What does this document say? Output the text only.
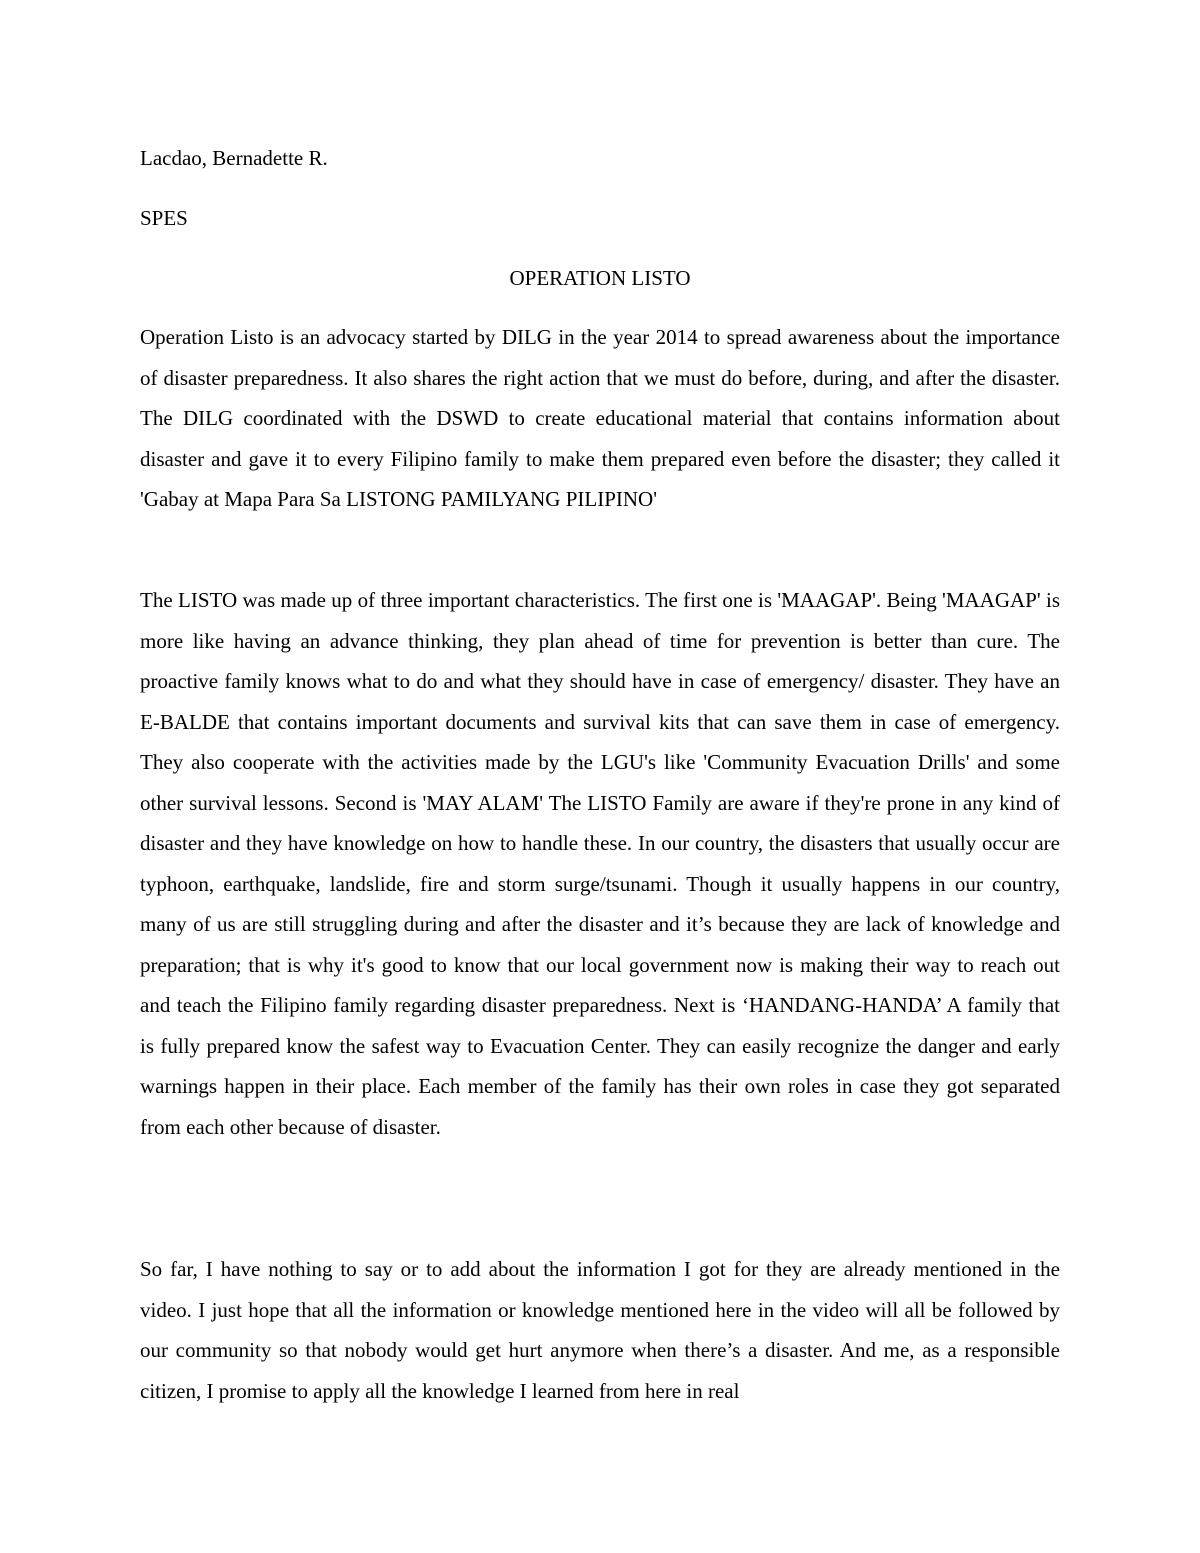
Lacdao, Bernadette R.

SPES

OPERATION LISTO

Operation Listo is an advocacy started by DILG in the year 2014 to spread awareness about the importance of disaster preparedness. It also shares the right action that we must do before, during, and after the disaster. The DILG coordinated with the DSWD to create educational material that contains information about disaster and gave it to every Filipino family to make them prepared even before the disaster; they called it 'Gabay at Mapa Para Sa LISTONG PAMILYANG PILIPINO'

The LISTO was made up of three important characteristics. The first one is 'MAAGAP'. Being 'MAAGAP' is more like having an advance thinking, they plan ahead of time for prevention is better than cure. The proactive family knows what to do and what they should have in case of emergency/ disaster. They have an E-BALDE that contains important documents and survival kits that can save them in case of emergency. They also cooperate with the activities made by the LGU's like 'Community Evacuation Drills' and some other survival lessons. Second is 'MAY ALAM' The LISTO Family are aware if they're prone in any kind of disaster and they have knowledge on how to handle these. In our country, the disasters that usually occur are typhoon, earthquake, landslide, fire and storm surge/tsunami. Though it usually happens in our country, many of us are still struggling during and after the disaster and it’s because they are lack of knowledge and preparation; that is why it's good to know that our local government now is making their way to reach out and teach the Filipino family regarding disaster preparedness. Next is ‘HANDANG-HANDA’ A family that is fully prepared know the safest way to Evacuation Center. They can easily recognize the danger and early warnings happen in their place. Each member of the family has their own roles in case they got separated from each other because of disaster.

So far, I have nothing to say or to add about the information I got for they are already mentioned in the video. I just hope that all the information or knowledge mentioned here in the video will all be followed by our community so that nobody would get hurt anymore when there’s a disaster. And me, as a responsible citizen, I promise to apply all the knowledge I learned from here in real
